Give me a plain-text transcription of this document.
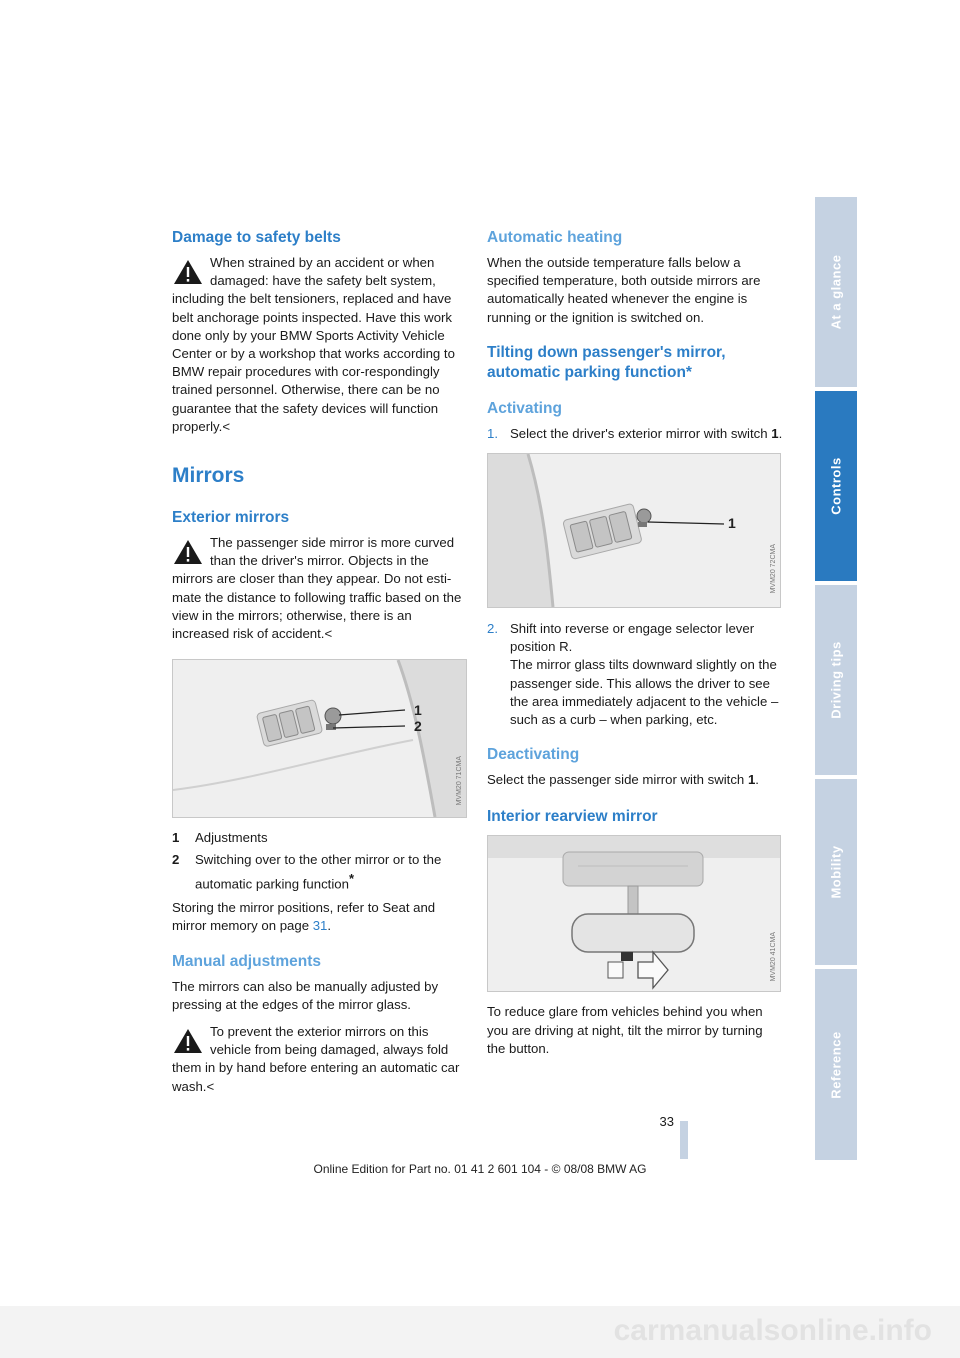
Damage to safety belts
When strained by an accident or when damaged: have the safety belt system,
including the belt tensioners, replaced and have belt anchorage points inspected. Have this work done only by your BMW Sports Activity Vehicle Center or by a workshop that works according to BMW repair procedures with cor-respondingly trained personnel. Otherwise, there can be no guarantee that the safety devices will function properly.<
Mirrors
Exterior mirrors
The passenger side mirror is more curved than the driver's mirror. Objects in the
mirrors are closer than they appear. Do not esti-mate the distance to following traffic based on the view in the mirrors; otherwise, there is an increased risk of accident.<
1
2
MVM20 71CMA
1	Adjustments
2	Switching over to the other mirror or to the automatic parking function*

Storing the mirror positions, refer to Seat and mirror memory on page 31.

Manual adjustments

The mirrors can also be manually adjusted by pressing at the edges of the mirror glass.

To prevent the exterior mirrors on this vehicle from being damaged, always fold
them in by hand before entering an automatic car wash.<
Automatic heating

When the outside temperature falls below a specified temperature, both outside mirrors are automatically heated whenever the engine is running or the ignition is switched on.

Tilting down passenger's mirror, automatic parking function*
Activating
1. Select the driver's exterior mirror with switch 1.
1
MVM20 72CMA
2. Shift into reverse or engage selector lever position R.
The mirror glass tilts downward slightly on the passenger side. This allows the driver to see the area immediately adjacent to the vehicle – such as a curb – when parking, etc.
Deactivating

Select the passenger side mirror with switch 1.

Interior rearview mirror
MVM20 41CMA

To reduce glare from vehicles behind you when you are driving at night, tilt the mirror by turning the button.

At a glance
Controls
Driving tips
Mobility
Reference
33
Online Edition for Part no. 01 41 2 601 104 - © 08/08 BMW AG
carmanualsonline.info
